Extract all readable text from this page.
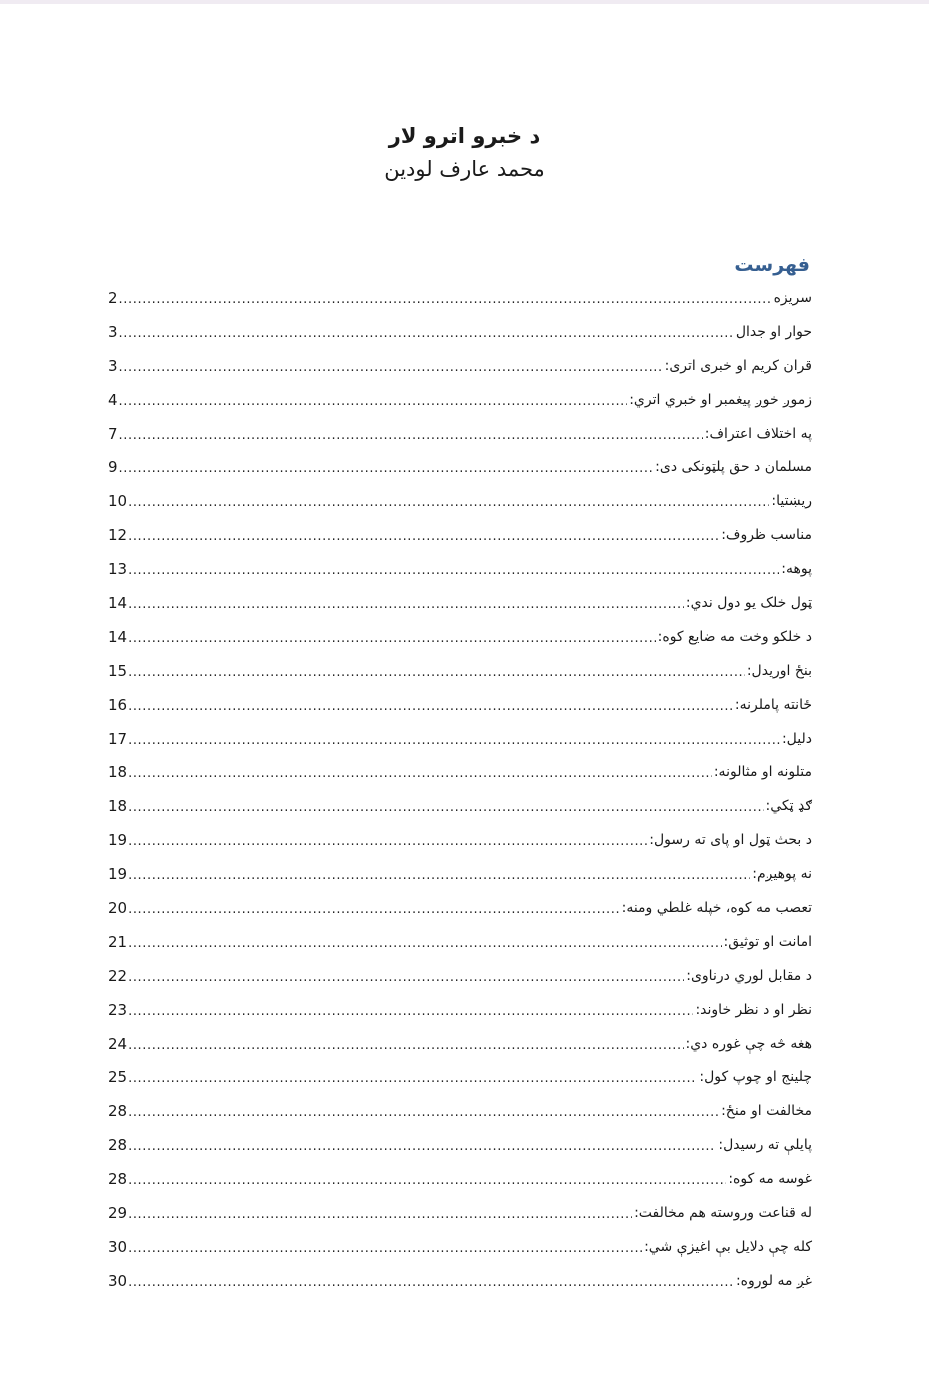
د خبرو اترو لار
محمد عارف لودین
فهرست
سریزه
.....
2
حوار او جدال
.....
3
قران کریم او خبری اتری:
.....
3
زموږ خوږ پیغمبر او خبري اتري:
.....
4
په اختلاف اعتراف:
.....
7
مسلمان د حق پلټونکی دی:
.....
9
ریښتیا:
.....
10
مناسب ظروف:
.....
12
پوهه:
.....
13
ټول خلک یو دول ندي:
.....
14
د خلکو وخت مه ضایع کوه:
.....
14
بنځ اوریدل:
.....
15
ځانته پاملرنه:
.....
16
دلیل:
.....
17
متلونه او مثالونه:
.....
18
ګډ ټکي:
.....
18
د بحث ټول او پای ته رسول:
.....
19
نه پوهیږم:
.....
19
تعصب مه کوه، خپله غلطي ومنه:
.....
20
امانت او توثیق:
.....
21
د مقابل لوري درناوی:
.....
22
نظر او د نظر خاوند:
.....
23
هغه څه چې غوره دي:
.....
24
چلینج او چوپ کول:
.....
25
مخالفت او منځ:
.....
28
پایلې ته رسیدل:
.....
28
غوسه مه کوه:
.....
28
له قناعت وروسته هم مخالفت:
.....
29
کله چې دلایل بې اغیزې شي:
.....
30
غږ مه لوروه:
.....
30
